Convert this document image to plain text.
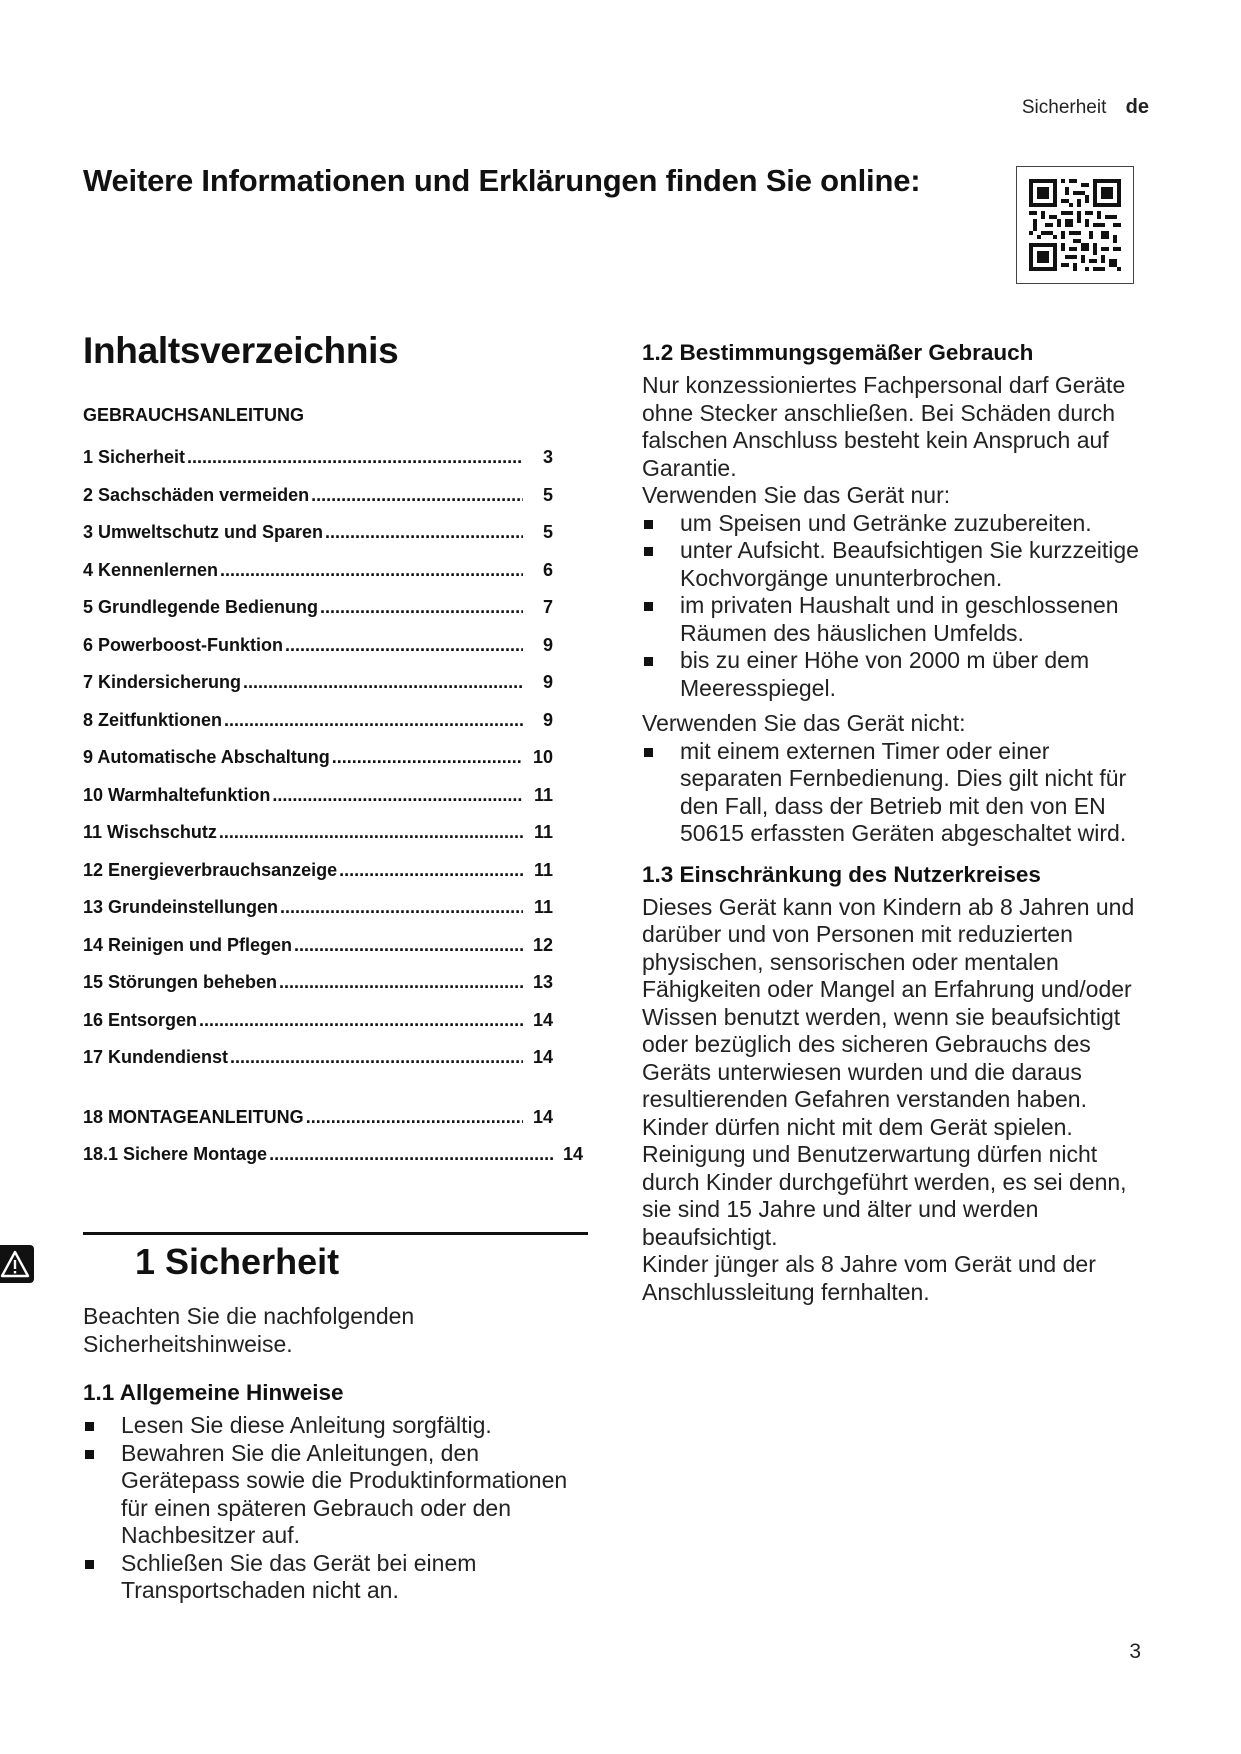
Sicherheit de
Weitere Informationen und Erklärungen finden Sie online:
Inhaltsverzeichnis
GEBRAUCHSANLEITUNG
1 Sicherheit .....	3
2 Sachschäden vermeiden .....	5
3 Umweltschutz und Sparen .....	5
4 Kennenlernen .....	6
5 Grundlegende Bedienung .....	7
6 Powerboost-Funktion .....	9
7 Kindersicherung .....	9
8 Zeitfunktionen .....	9
9 Automatische Abschaltung .....	10
10 Warmhaltefunktion .....	11
11 Wischschutz .....	11
12 Energieverbrauchsanzeige .....	11
13 Grundeinstellungen .....	11
14 Reinigen und Pflegen .....	12
15 Störungen beheben .....	13
16 Entsorgen .....	14
17 Kundendienst .....	14
18 MONTAGEANLEITUNG .....	14
18.1 Sichere Montage .....	14
1 Sicherheit
Beachten Sie die nachfolgenden Sicherheitshinweise.
1.1 Allgemeine Hinweise
Lesen Sie diese Anleitung sorgfältig.
Bewahren Sie die Anleitungen, den Gerätepass sowie die Produktinformationen für einen späteren Gebrauch oder den Nachbesitzer auf.
Schließen Sie das Gerät bei einem Transportschaden nicht an.
1.2 Bestimmungsgemäßer Gebrauch
Nur konzessioniertes Fachpersonal darf Geräte ohne Stecker anschließen. Bei Schäden durch falschen Anschluss besteht kein Anspruch auf Garantie.
Verwenden Sie das Gerät nur:
um Speisen und Getränke zuzubereiten.
unter Aufsicht. Beaufsichtigen Sie kurzzeitige Kochvorgänge ununterbrochen.
im privaten Haushalt und in geschlossenen Räumen des häuslichen Umfelds.
bis zu einer Höhe von 2000 m über dem Meeresspiegel.
Verwenden Sie das Gerät nicht:
mit einem externen Timer oder einer separaten Fernbedienung. Dies gilt nicht für den Fall, dass der Betrieb mit den von EN 50615 erfassten Geräten abgeschaltet wird.
1.3 Einschränkung des Nutzerkreises
Dieses Gerät kann von Kindern ab 8 Jahren und darüber und von Personen mit reduzierten physischen, sensorischen oder mentalen Fähigkeiten oder Mangel an Erfahrung und/oder Wissen benutzt werden, wenn sie beaufsichtigt oder bezüglich des sicheren Gebrauchs des Geräts unterwiesen wurden und die daraus resultierenden Gefahren verstanden haben.
Kinder dürfen nicht mit dem Gerät spielen.
Reinigung und Benutzerwartung dürfen nicht durch Kinder durchgeführt werden, es sei denn, sie sind 15 Jahre und älter und werden beaufsichtigt.
Kinder jünger als 8 Jahre vom Gerät und der Anschlussleitung fernhalten.
3
